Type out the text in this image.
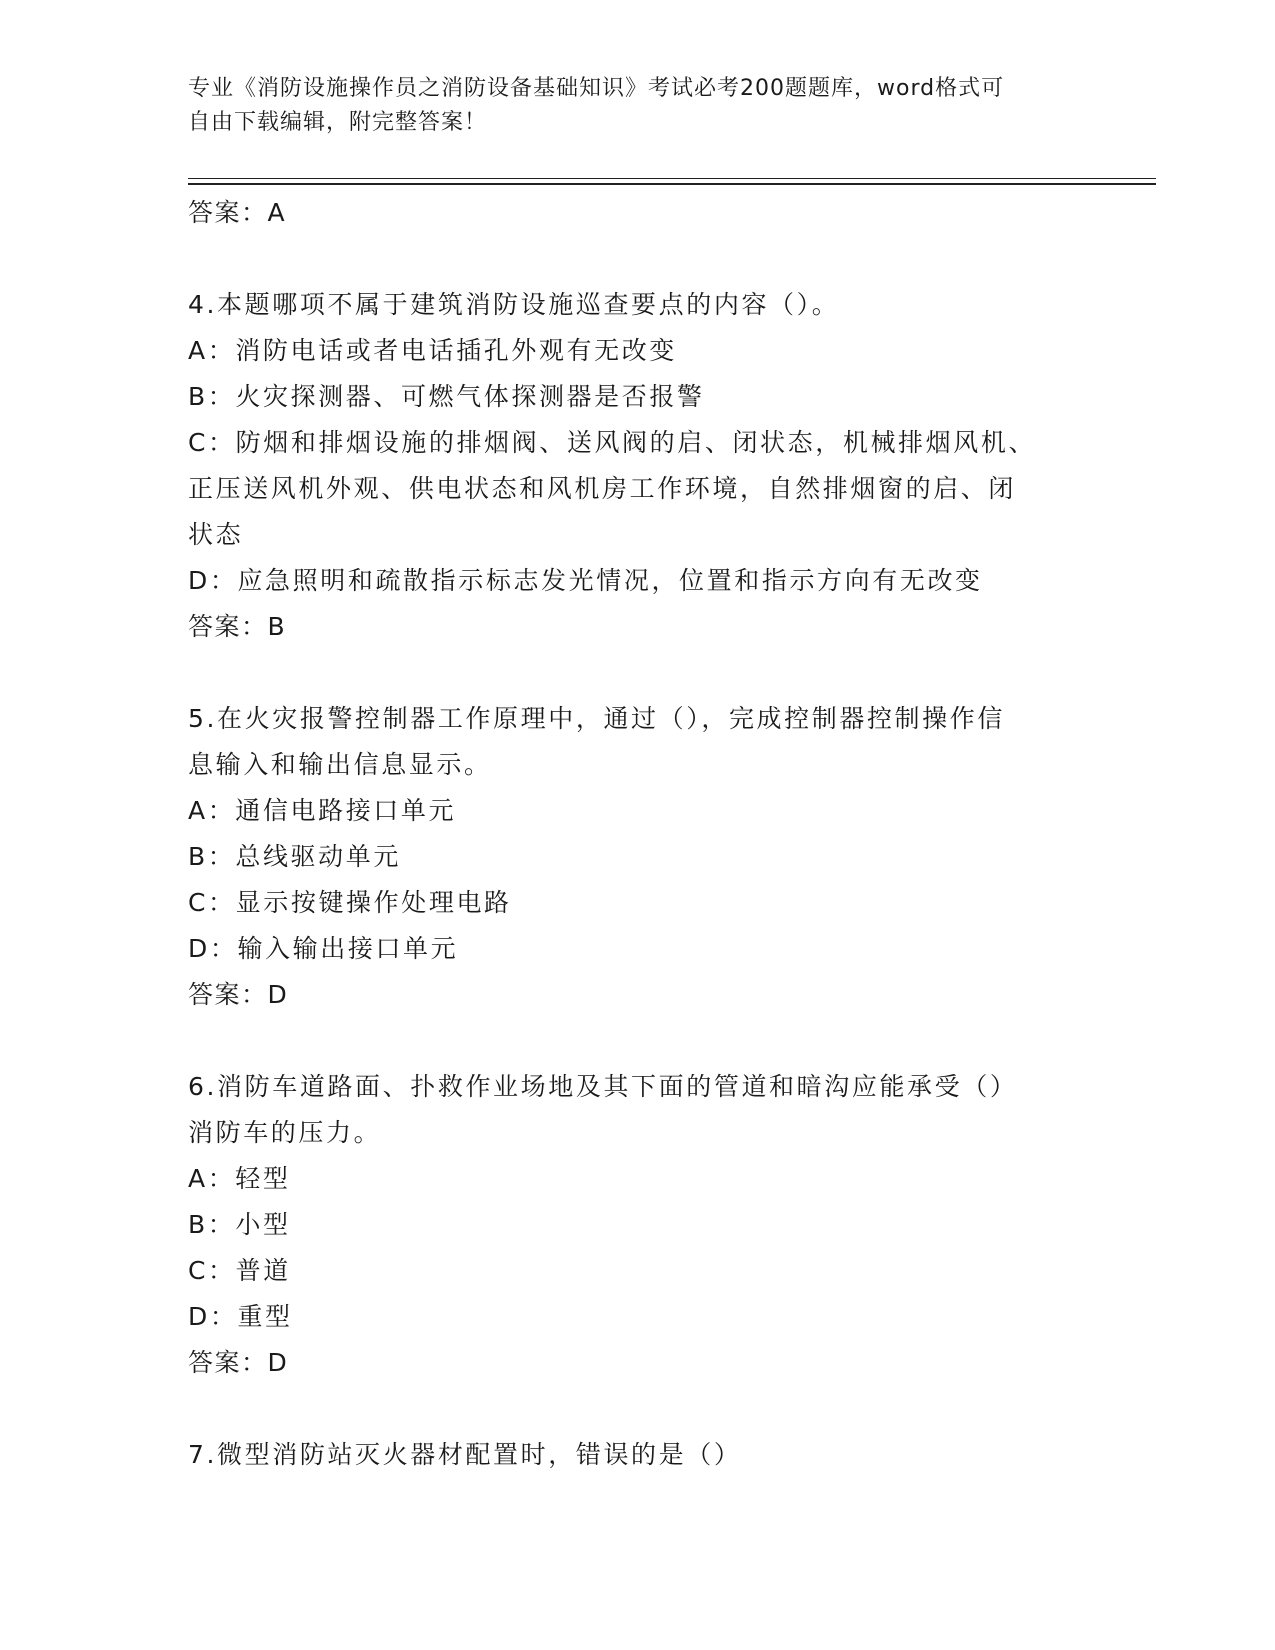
专业《消防设施操作员之消防设备基础知识》考试必考200题题库，word格式可
自由下载编辑，附完整答案！

答案：A

4.本题哪项不属于建筑消防设施巡查要点的内容（）。

A：消防电话或者电话插孔外观有无改变

B：火灾探测器、可燃气体探测器是否报警

C：防烟和排烟设施的排烟阀、送风阀的启、闭状态，机械排烟风机、

正压送风机外观、供电状态和风机房工作环境，自然排烟窗的启、闭

状态

D：应急照明和疏散指示标志发光情况，位置和指示方向有无改变

答案：B

5.在火灾报警控制器工作原理中，通过（），完成控制器控制操作信

息输入和输出信息显示。

A：通信电路接口单元

B：总线驱动单元

C：显示按键操作处理电路

D：输入输出接口单元

答案：D

6.消防车道路面、扑救作业场地及其下面的管道和暗沟应能承受（）

消防车的压力。

A：轻型

B：小型

C：普道

D：重型

答案：D

7.微型消防站灭火器材配置时，错误的是（）
